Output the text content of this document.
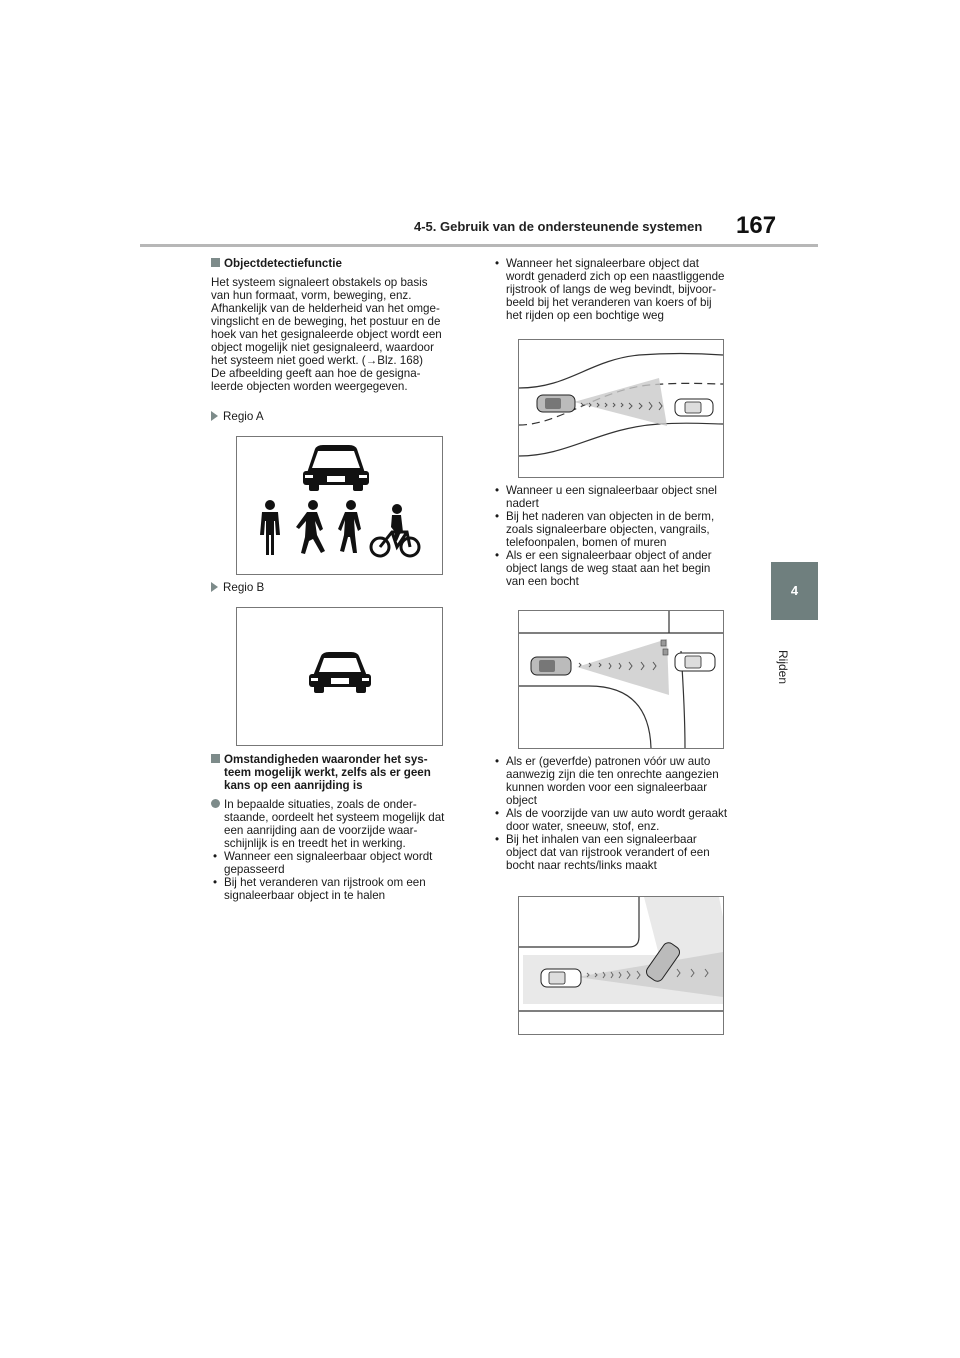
4-5. Gebruik van de ondersteunende systemen 167
4
Rijden

Objectdetectiefunctie

Het systeem signaleert obstakels op basis

van hun formaat, vorm, beweging, enz.

Afhankelijk van de helderheid van het omge-

vingslicht en de beweging, het postuur en de

hoek van het gesignaleerde object wordt een

object mogelijk niet gesignaleerd, waardoor

het systeem niet goed werkt. (→Blz. 168)

De afbeelding geeft aan hoe de gesigna-

leerde objecten worden weergegeven.

Regio A
Regio B

Omstandigheden waaronder het sys-

teem mogelijk werkt, zelfs als er geen

kans op een aanrijding is

In bepaalde situaties, zoals de onder-

staande, oordeelt het systeem mogelijk dat

een aanrijding aan de voorzijde waar-

schijnlijk is en treedt het in werking.

• Wanneer een signaleerbaar object wordt

gepasseerd

• Bij het veranderen van rijstrook om een

signaleerbaar object in te halen

• Wanneer het signaleerbare object dat

wordt genaderd zich op een naastliggende

rijstrook of langs de weg bevindt, bijvoor-

beeld bij het veranderen van koers of bij

het rijden op een bochtige weg

• Wanneer u een signaleerbaar object snel

nadert

• Bij het naderen van objecten in de berm,

zoals signaleerbare objecten, vangrails,

telefoonpalen, bomen of muren

• Als er een signaleerbaar object of ander

object langs de weg staat aan het begin

van een bocht

• Als er (geverfde) patronen vóór uw auto

aanwezig zijn die ten onrechte aangezien

kunnen worden voor een signaleerbaar

object

• Als de voorzijde van uw auto wordt geraakt

door water, sneeuw, stof, enz.

• Bij het inhalen van een signaleerbaar

object dat van rijstrook verandert of een

bocht naar rechts/links maakt
